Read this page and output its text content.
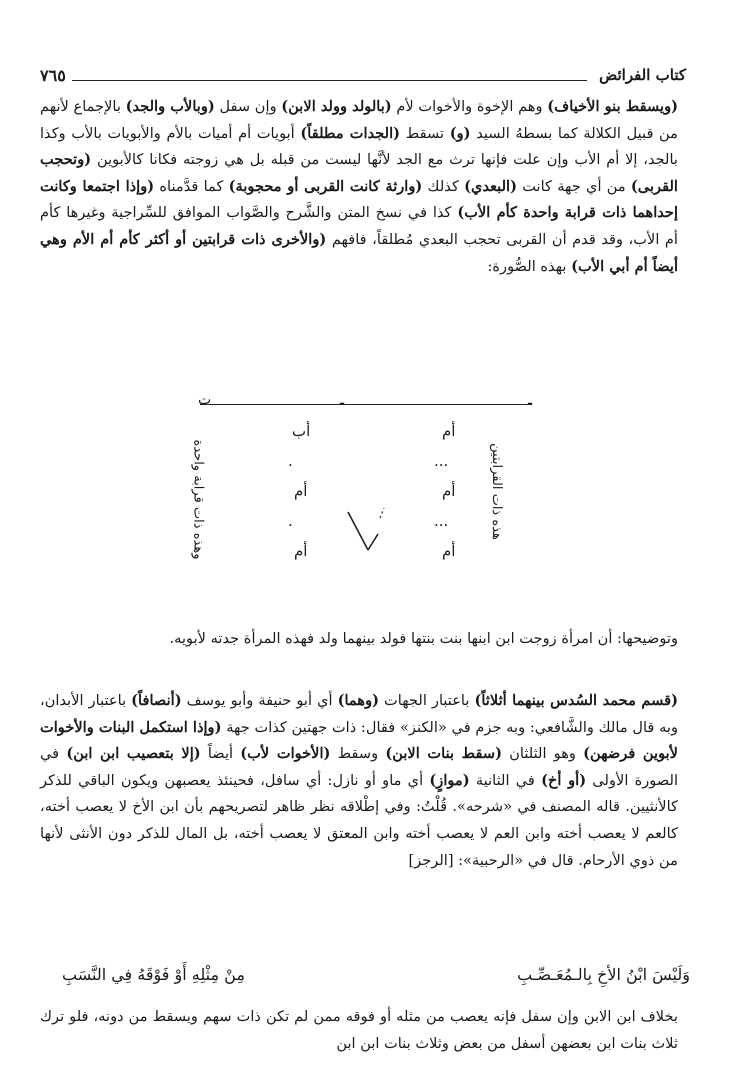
كتاب الفرائض
٧٦٥
(ويسقط بنو الأخياف) وهم الإخوة والأخوات لأم (بالولد وولد الابن) وإن سفل (وبالأب والجد) بالإجماع لأنهم من قبيل الكلالة كما بسطهُ السيد (و) تسقط (الجدات مطلقاً) أبويات أم أميات بالأم والأبويات بالأب وكذا بالجد، إلا أم الأب وإن علت فإنها ترث مع الجد لأنَّها ليست من قبله بل هي زوجته فكانا كالأبوين (وتحجب القربى) من أي جهة كانت (البعدي) كذلك (وارثة كانت القربى أو محجوبة) كما قدَّمناه (وإذا اجتمعا وكانت إحداهما ذات قرابة واحدة كأم الأب) كذا في نسخ المتن والشَّرح والصَّواب الموافق للسِّراجية وغيرها كأم أم الأب، وقد قدم أن القربى تحجب البعدي مُطلقاً، فافهم (والأخرى ذات قرابتين أو أكثر كأم أم الأم وهي أيضاً أم أبي الأب) بهذه الصُّورة:
ت	ـ	ـ
هذه ذات القرابتين
وهذه ذات قرابة واحدة
أم
...
أم
...
أم
أب
.
أم
.
أم
وتوضيحها: أن امرأة زوجت ابن ابنها بنت بنتها فولد بينهما ولد فهذه المرأة جدته لأبويه.
(قسم محمد السُدس بينهما أثلاثاً) باعتبار الجهات (وهما) أي أبو حنيفة وأبو يوسف (أنصافاً) باعتبار الأبدان، وبه قال مالك والشَّافعي: وبه جزم في «الكنز» فقال: ذات جهتين كذات جهة (وإذا استكمل البنات والأخوات لأبوين فرضهن) وهو الثلثان (سقط بنات الابن) وسقط (الأخوات لأب) أيضاً (إلا بتعصيب ابن ابن) في الصورة الأولى (أو أخ) في الثانية (موازٍ) أي ماو أو نازل: أي سافل، فحينئذ يعصبهن ويكون الباقي للذكر كالأنثيين. قاله المصنف في «شرحه». قُلْتُ: وفي إطْلاقه نظر ظاهر لتصريحهم بأن ابن الأخ لا يعصب أخته، كالعم لا يعصب أخته وابن العم لا يعصب أخته وابن المعتق لا يعصب أخته، بل المال للذكر دون الأنثى لأنها من ذوي الأرحام. قال في «الرحبية»: [الرجز]
وَلَيْسَ ابْنُ الأخِ بِالـمُعَـصِّـبِ
مِنْ مِثْلِهِ أَوْ فَوْقَهُ فِي النَّسَبِ
بخلاف ابن الابن وإن سفل فإنه يعصب من مثله أو فوقه ممن لم تكن ذات سهم ويسقط من دونه، فلو ترك ثلاث بنات ابن بعضهن أسفل من بعض وثلاث بنات ابن ابن
